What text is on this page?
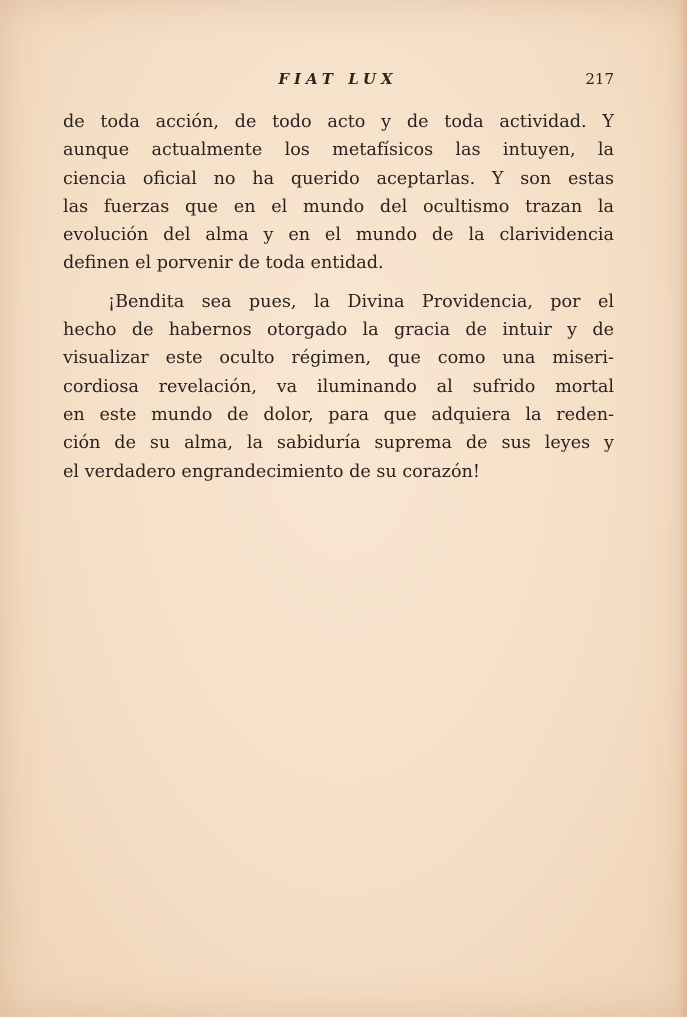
FIAT LUX	217

de toda acción, de todo acto y de toda actividad. Y
aunque actualmente los metafísicos las intuyen, la
ciencia oficial no ha querido aceptarlas. Y son estas
las fuerzas que en el mundo del ocultismo trazan la
evolución del alma y en el mundo de la clarividencia
definen el porvenir de toda entidad.

¡Bendita sea pues, la Divina Providencia, por el
hecho de habernos otorgado la gracia de intuir y de
visualizar este oculto régimen, que como una miseri-
cordiosa revelación, va iluminando al sufrido mortal
en este mundo de dolor, para que adquiera la reden-
ción de su alma, la sabiduría suprema de sus leyes y
el verdadero engrandecimiento de su corazón!
